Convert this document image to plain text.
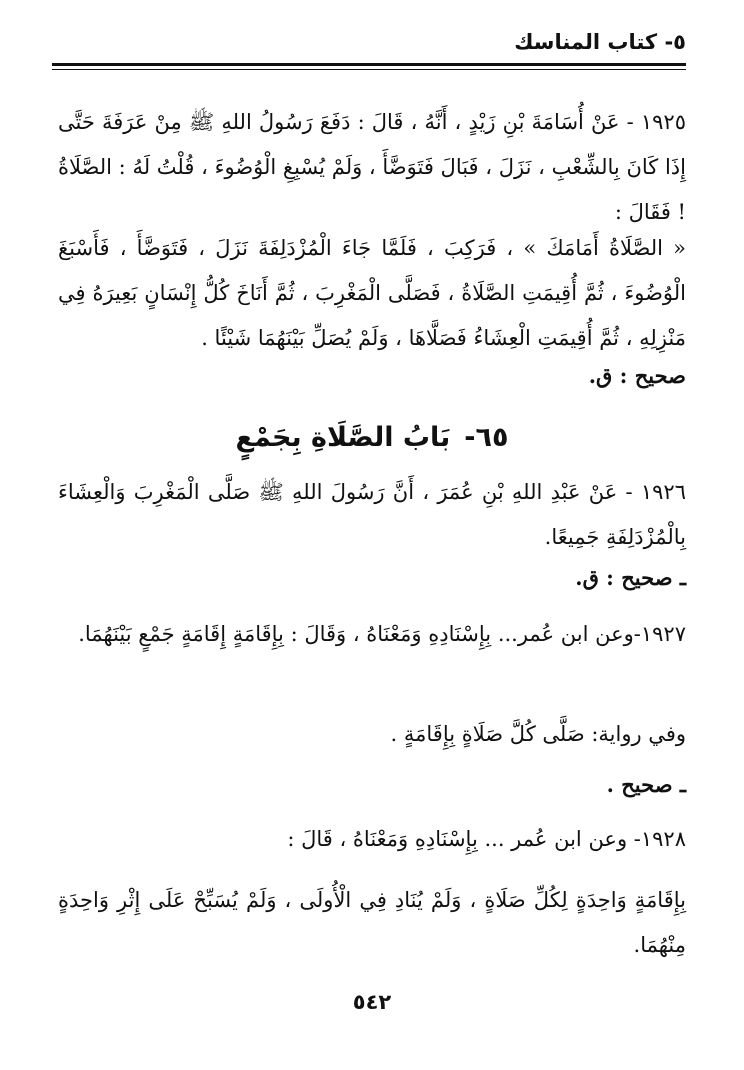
٥- كتاب المناسك
١٩٢٥ - عَنْ أُسَامَةَ بْنِ زَيْدٍ ، أَنَّهُ ، قَالَ : دَفَعَ رَسُولُ اللهِ ﷺ مِنْ عَرَفَةَ حَتَّى إِذَا كَانَ بِالشِّعْبِ ، نَزَلَ ، فَبَالَ فَتَوَضَّأَ ، وَلَمْ يُسْبِغِ الْوُضُوءَ ، قُلْتُ لَهُ : الصَّلَاةُ ! فَقَالَ :
« الصَّلَاةُ أَمَامَكَ » ، فَرَكِبَ ، فَلَمَّا جَاءَ الْمُزْدَلِفَةَ نَزَلَ ، فَتَوَضَّأَ ، فَأَسْبَغَ الْوُضُوءَ ، ثُمَّ أُقِيمَتِ الصَّلَاةُ ، فَصَلَّى الْمَغْرِبَ ، ثُمَّ أَنَاخَ كُلُّ إِنْسَانٍ بَعِيرَهُ فِي مَنْزِلِهِ ، ثُمَّ أُقِيمَتِ الْعِشَاءُ فَصَلَّاهَا ، وَلَمْ يُصَلِّ بَيْنَهُمَا شَيْئًا .
صحيح : ق.
٦٥-بَابُ الصَّلَاةِ بِجَمْعٍ
١٩٢٦ - عَنْ عَبْدِ اللهِ بْنِ عُمَرَ ، أَنَّ رَسُولَ اللهِ ﷺ صَلَّى الْمَغْرِبَ وَالْعِشَاءَ بِالْمُزْدَلِفَةِ جَمِيعًا.
ـ صحيح : ق.
١٩٢٧-وعن ابن عُمر... بِإِسْنَادِهِ وَمَعْنَاهُ ، وَقَالَ : بِإِقَامَةٍ إِقَامَةٍ جَمْعٍ بَيْنَهُمَا.
وفي رواية: صَلَّى كُلَّ صَلَاةٍ بِإِقَامَةٍ .
ـ صحيح .
١٩٢٨- وعن ابن عُمر ... بِإِسْنَادِهِ وَمَعْنَاهُ ، قَالَ :
بِإِقَامَةٍ وَاحِدَةٍ لِكُلِّ صَلَاةٍ ، وَلَمْ يُنَادِ فِي الْأُولَى ، وَلَمْ يُسَبِّحْ عَلَى إِثْرِ وَاحِدَةٍ مِنْهُمَا.
٥٤٢
